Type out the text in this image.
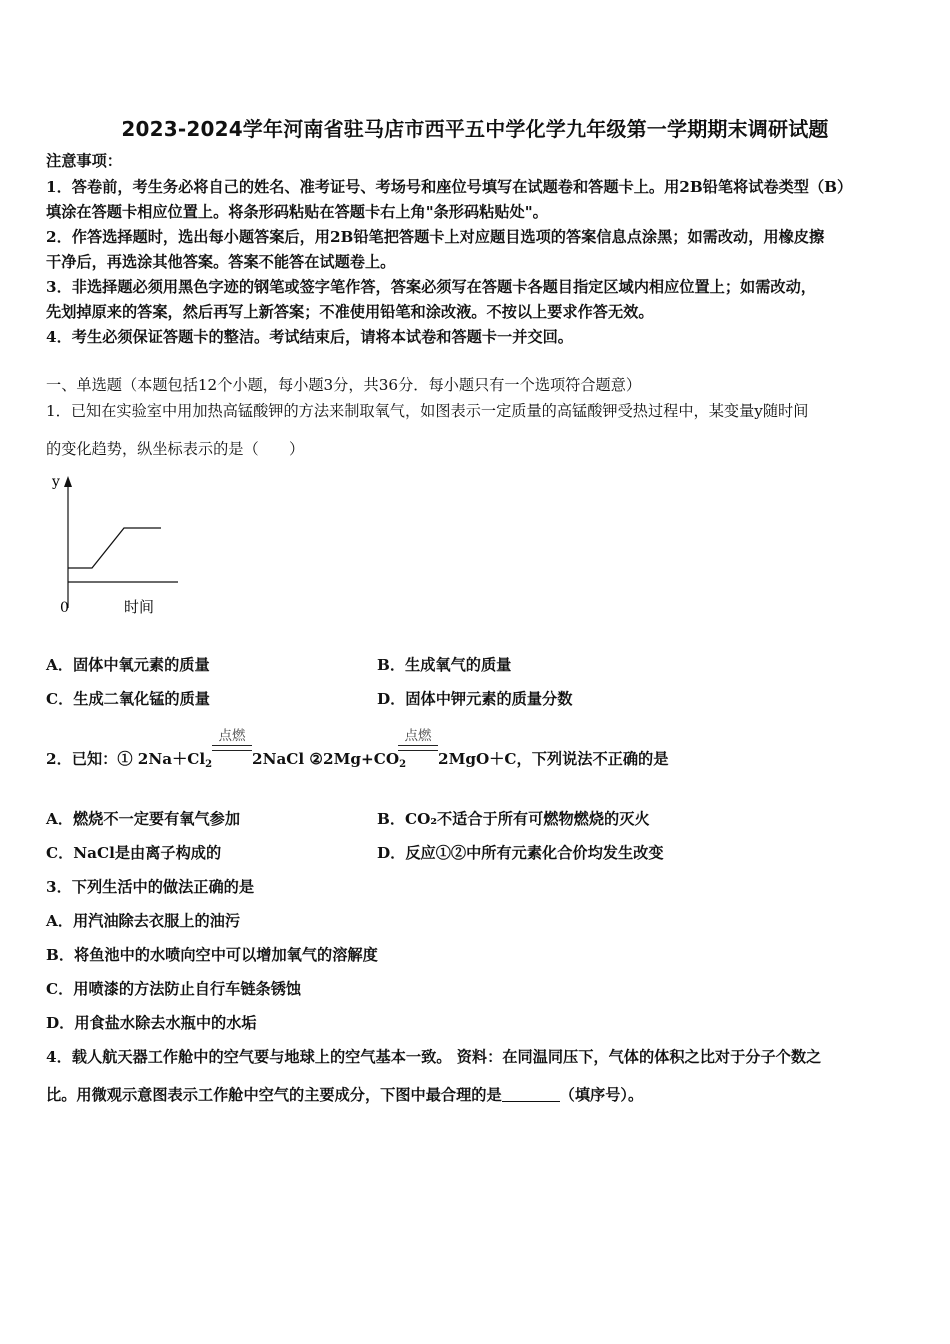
2023-2024学年河南省驻马店市西平五中学化学九年级第一学期期末调研试题
注意事项：
1．答卷前，考生务必将自己的姓名、准考证号、考场号和座位号填写在试题卷和答题卡上。用2B铅笔将试卷类型（B）
填涂在答题卡相应位置上。将条形码粘贴在答题卡右上角"条形码粘贴处"。
2．作答选择题时，选出每小题答案后，用2B铅笔把答题卡上对应题目选项的答案信息点涂黑；如需改动，用橡皮擦
干净后，再选涂其他答案。答案不能答在试题卷上。
3．非选择题必须用黑色字迹的钢笔或签字笔作答，答案必须写在答题卡各题目指定区域内相应位置上；如需改动，
先划掉原来的答案，然后再写上新答案；不准使用铅笔和涂改液。不按以上要求作答无效。
4．考生必须保证答题卡的整洁。考试结束后，请将本试卷和答题卡一并交回。
一、单选题（本题包括12个小题，每小题3分，共36分．每小题只有一个选项符合题意）
1．已知在实验室中用加热高锰酸钾的方法来制取氧气，如图表示一定质量的高锰酸钾受热过程中，某变量y随时间
的变化趋势，纵坐标表示的是（　　）
y
0	时间
A．固体中氧元素的质量	B．生成氧气的质量
C．生成二氧化锰的质量	D．固体中钾元素的质量分数
2．已知：① $2Na+Cl_2$
点燃
2NaCl $②2Mg+CO_2$
点燃
2MgO＋C，下列说法不正确的是
A．燃烧不一定要有氧气参加	B．CO₂不适合于所有可燃物燃烧的灭火
C．NaCl是由离子构成的	D．反应①②中所有元素化合价均发生改变
3．下列生活中的做法正确的是
A．用汽油除去衣服上的油污
B．将鱼池中的水喷向空中可以增加氧气的溶解度
C．用喷漆的方法防止自行车链条锈蚀
D．用食盐水除去水瓶中的水垢
4．载人航天器工作舱中的空气要与地球上的空气基本一致。 资料：在同温同压下，气体的体积之比对于分子个数之
比。用微观示意图表示工作舱中空气的主要成分，下图中最合理的是	（填序号）。
